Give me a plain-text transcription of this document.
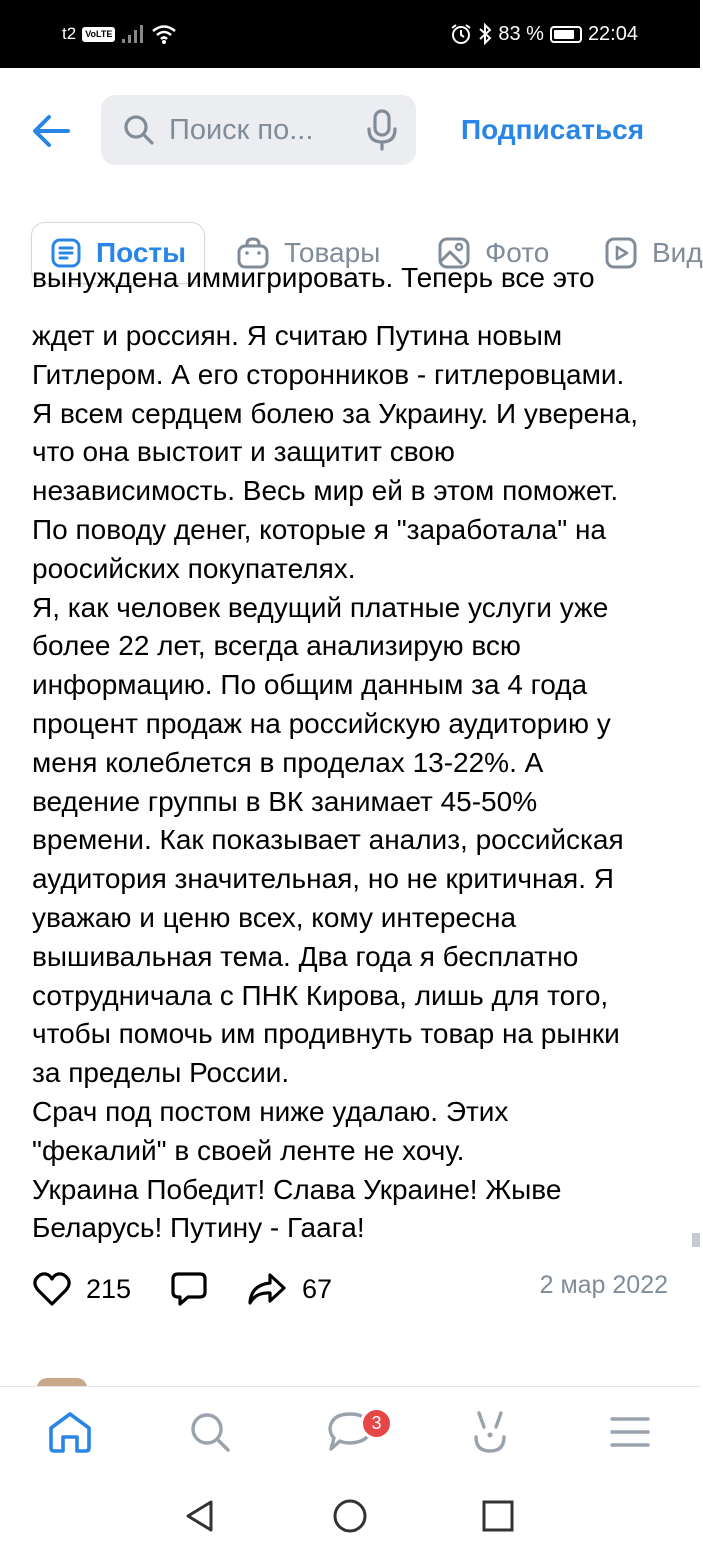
t2	VoLTE	83 % 22:04
Поиск по...
Подписаться
Посты	Товары	Фото	Вид
вынуждена иммигрировать. Теперь все это
ждет и россиян. Я считаю Путина новым
Гитлером. А его сторонников - гитлеровцами.
Я всем сердцем болею за Украину. И уверена,
что она выстоит и защитит свою
независимость. Весь мир ей в этом поможет.
По поводу денег, которые я "заработала" на
роосийских покупателях.
Я, как человек ведущий платные услуги уже
более 22 лет, всегда анализирую всю
информацию. По общим данным за 4 года
процент продаж на российскую аудиторию у
меня колеблется в проделах 13-22%. А
ведение группы в ВК занимает 45-50%
времени. Как показывает анализ, российская
аудитория значительная, но не критичная. Я
уважаю и ценю всех, кому интересна
вышивальная тема. Два года я бесплатно
сотрудничала с ПНК Кирова, лишь для того,
чтобы помочь им продивнуть товар на рынки
за пределы России.
Срач под постом ниже удалаю. Этих
"фекалий" в своей ленте не хочу.
Украина Победит! Слава Украине! Жыве
Беларусь! Путину - Гаага!
215	67	2 мар 2022
3
